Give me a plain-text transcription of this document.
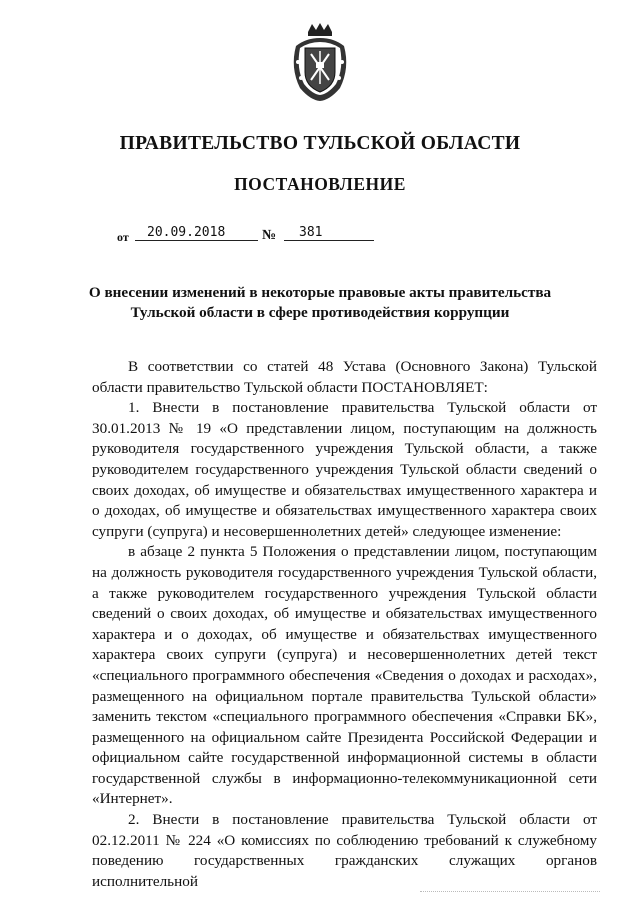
ПРАВИТЕЛЬСТВО ТУЛЬСКОЙ ОБЛАСТИ
ПОСТАНОВЛЕНИЕ
от	20.09.2018	№	381
О внесении изменений в некоторые правовые акты правительства
Тульской области в сфере противодействия коррупции

В соответствии со статей 48 Устава (Основного Закона) Тульской области правительство Тульской области ПОСТАНОВЛЯЕТ:

1. Внести в постановление правительства Тульской области от 30.01.2013 № 19 «О представлении лицом, поступающим на должность руководителя государственного учреждения Тульской области, а также руководителем государственного учреждения Тульской области сведений о своих доходах, об имуществе и обязательствах имущественного характера и о доходах, об имуществе и обязательствах имущественного характера своих супруги (супруга) и несовершеннолетних детей» следующее изменение:

в абзаце 2 пункта 5 Положения о представлении лицом, поступающим на должность руководителя государственного учреждения Тульской области, а также руководителем государственного учреждения Тульской области сведений о своих доходах, об имуществе и обязательствах имущественного характера и о доходах, об имуществе и обязательствах имущественного характера своих супруги (супруга) и несовершеннолетних детей текст «специального программного обеспечения «Сведения о доходах и расходах», размещенного на официальном портале правительства Тульской области» заменить текстом «специального программного обеспечения «Справки БК», размещенного на официальном сайте Президента Российской Федерации и официальном сайте государственной информационной системы в области государственной службы в информационно-телекоммуникационной сети «Интернет».

2. Внести в постановление правительства Тульской области от 02.12.2011 № 224 «О комиссиях по соблюдению требований к служебному поведению государственных гражданских служащих органов исполнительной
